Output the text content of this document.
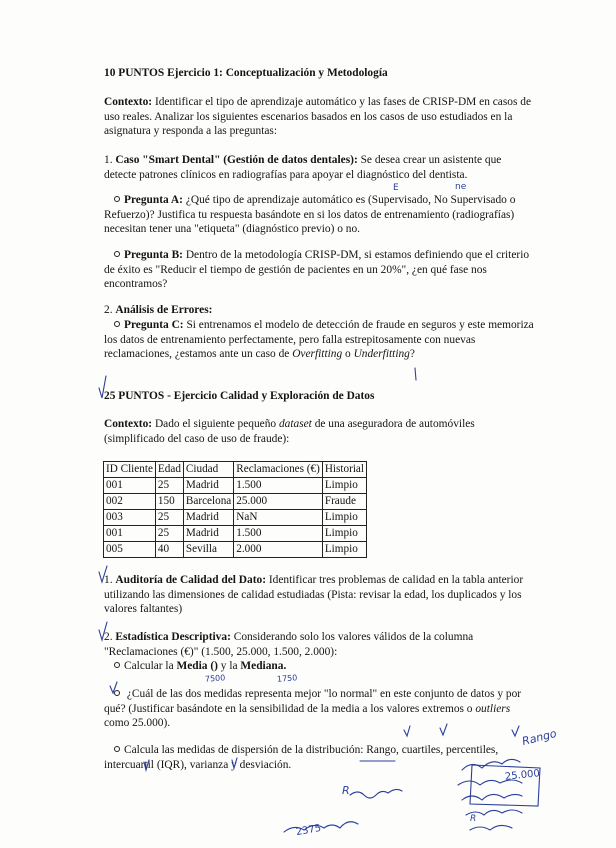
10 PUNTOS Ejercicio 1: Conceptualización y Metodología
Contexto: Identificar el tipo de aprendizaje automático y las fases de CRISP-DM en casos de uso reales. Analizar los siguientes escenarios basados en los casos de uso estudiados en la asignatura y responda a las preguntas:
1. Caso "Smart Dental" (Gestión de datos dentales): Se desea crear un asistente que detecte patrones clínicos en radiografías para apoyar el diagnóstico del dentista.
Pregunta A: ¿Qué tipo de aprendizaje automático es (Supervisado, No Supervisado o Refuerzo)? Justifica tu respuesta basándote en si los datos de entrenamiento (radiografías) necesitan tener una "etiqueta" (diagnóstico previo) o no.
Pregunta B: Dentro de la metodología CRISP-DM, si estamos definiendo que el criterio de éxito es "Reducir el tiempo de gestión de pacientes en un 20%", ¿en qué fase nos encontramos?
2. Análisis de Errores:
Pregunta C: Si entrenamos el modelo de detección de fraude en seguros y este memoriza los datos de entrenamiento perfectamente, pero falla estrepitosamente con nuevas reclamaciones, ¿estamos ante un caso de Overfitting o Underfitting?
25 PUNTOS - Ejercicio Calidad y Exploración de Datos
Contexto: Dado el siguiente pequeño dataset de una aseguradora de automóviles (simplificado del caso de uso de fraude):
ID Cliente	Edad	Ciudad	Reclamaciones (€)	Historial
001	25	Madrid	1.500	Limpio
002	150	Barcelona	25.000	Fraude
003	25	Madrid	NaN	Limpio
001	25	Madrid	1.500	Limpio
005	40	Sevilla	2.000	Limpio
1. Auditoría de Calidad del Dato: Identificar tres problemas de calidad en la tabla anterior utilizando las dimensiones de calidad estudiadas (Pista: revisar la edad, los duplicados y los valores faltantes)
2. Estadística Descriptiva: Considerando solo los valores válidos de la columna "Reclamaciones (€)" (1.500, 25.000, 1.500, 2.000):
Calcular la Media () y la Mediana.
¿Cuál de las dos medidas representa mejor "lo normal" en este conjunto de datos y por qué? (Justificar basándote en la sensibilidad de la media a los valores extremos o outliers como 25.000).
Calcula las medidas de dispersión de la distribución: Rango, cuartiles, percentiles, intercuartil (IQR), varianza y desviación.
E	ne
7500	1750
Rango
25.000
2375
R
R
